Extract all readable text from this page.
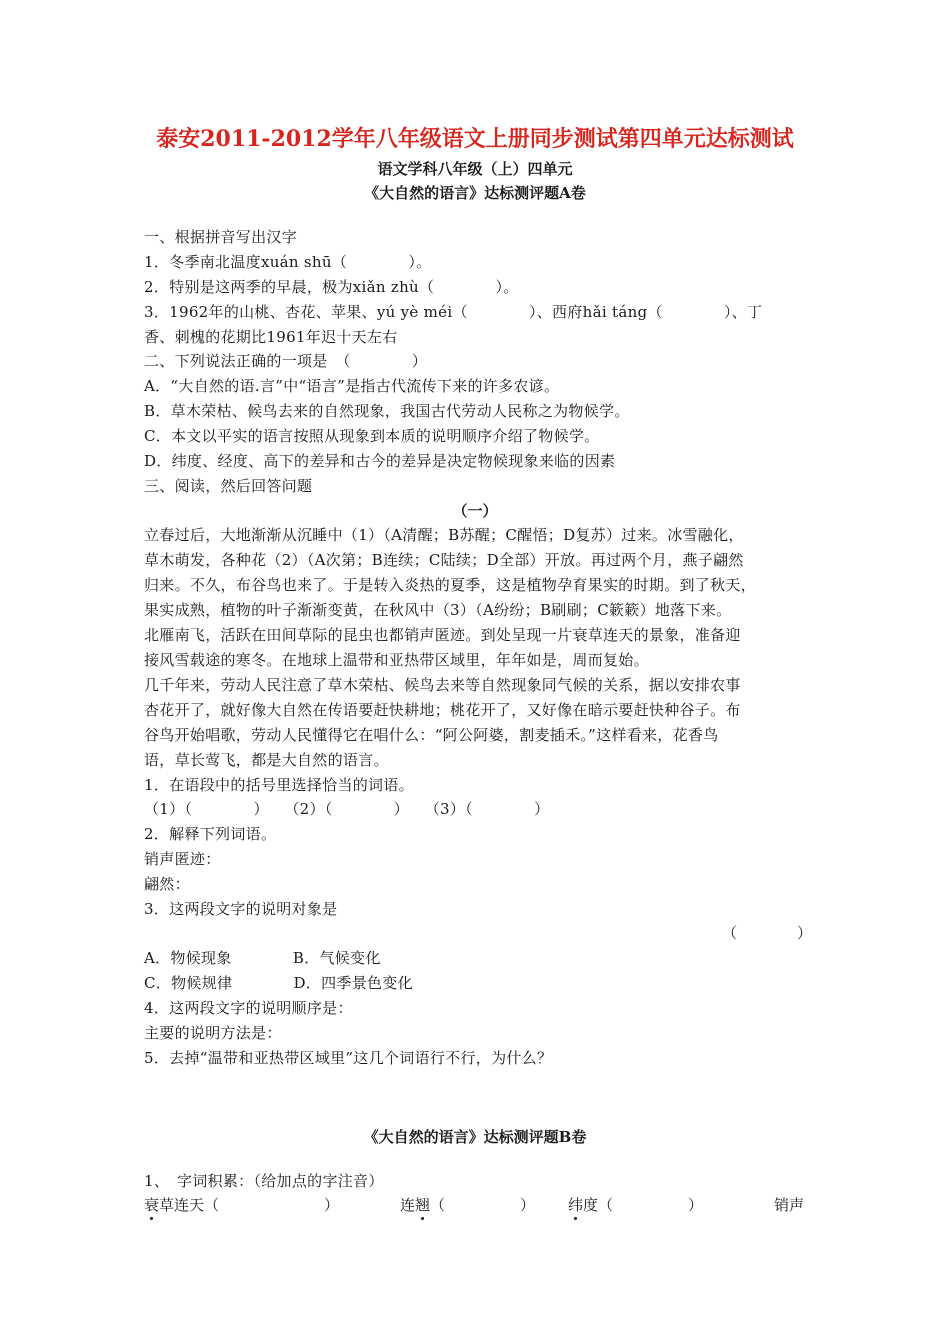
泰安2011-2012学年八年级语文上册同步测试第四单元达标测试
语文学科八年级（上）四单元
《大自然的语言》达标测评题A卷
一、根据拼音写出汉字
1．冬季南北温度xuán shū（　　　　）。
2．特别是这两季的早晨，极为xiǎn zhù（　　　　）。
3．1962年的山桃、杏花、苹果、yú yè méi（　　　　）、西府hǎi táng（　　　　）、丁
香、刺槐的花期比1961年迟十天左右
二、下列说法正确的一项是　（　　　　）
A．“大自然的语.言”中“语言”是指古代流传下来的许多农谚。
B．草木荣枯、候鸟去来的自然现象，我国古代劳动人民称之为物候学。
C．本文以平实的语言按照从现象到本质的说明顺序介绍了物候学。
D．纬度、经度、高下的差异和古今的差异是决定物候现象来临的因素
三、阅读，然后回答问题
（一）
立春过后，大地渐渐从沉睡中（1）（A清醒；B苏醒；C醒悟；D复苏）过来。冰雪融化，
草木萌发，各种花（2）（A次第；B连续；C陆续；D全部）开放。再过两个月，燕子翩然
归来。不久，布谷鸟也来了。于是转入炎热的夏季，这是植物孕育果实的时期。到了秋天，
果实成熟，植物的叶子渐渐变黄，在秋风中（3）（A纷纷；B刷刷；C簌簌）地落下来。
北雁南飞，活跃在田间草际的昆虫也都销声匿迹。到处呈现一片衰草连天的景象，准备迎
接风雪载途的寒冬。在地球上温带和亚热带区域里，年年如是，周而复始。
几千年来，劳动人民注意了草木荣枯、候鸟去来等自然现象同气候的关系，据以安排农事
杏花开了，就好像大自然在传语要赶快耕地；桃花开了，又好像在暗示要赶快种谷子。布
谷鸟开始唱歌，劳动人民懂得它在唱什么：“阿公阿婆，割麦插禾。”这样看来，花香鸟
语，草长莺飞，都是大自然的语言。
1．在语段中的括号里选择恰当的词语。
（1）（　　　　）　　（2）（　　　　）　　（3）（　　　　）
2．解释下列词语。
销声匿迹：
翩然：
3．这两段文字的说明对象是
（　　　　）
A．物候现象　　　　B．气候变化
C．物候规律　　　　D．四季景色变化
4．这两段文字的说明顺序是：
主要的说明方法是：
5．去掉“温带和亚热带区域里”这几个词语行不行，为什么？
《大自然的语言》达标测评题B卷
1、　字词积累：（给加点的字注音）
衰草连天（　　　　　　　）	连翘（　　　　　） 纬度（　　　　　）	销声
